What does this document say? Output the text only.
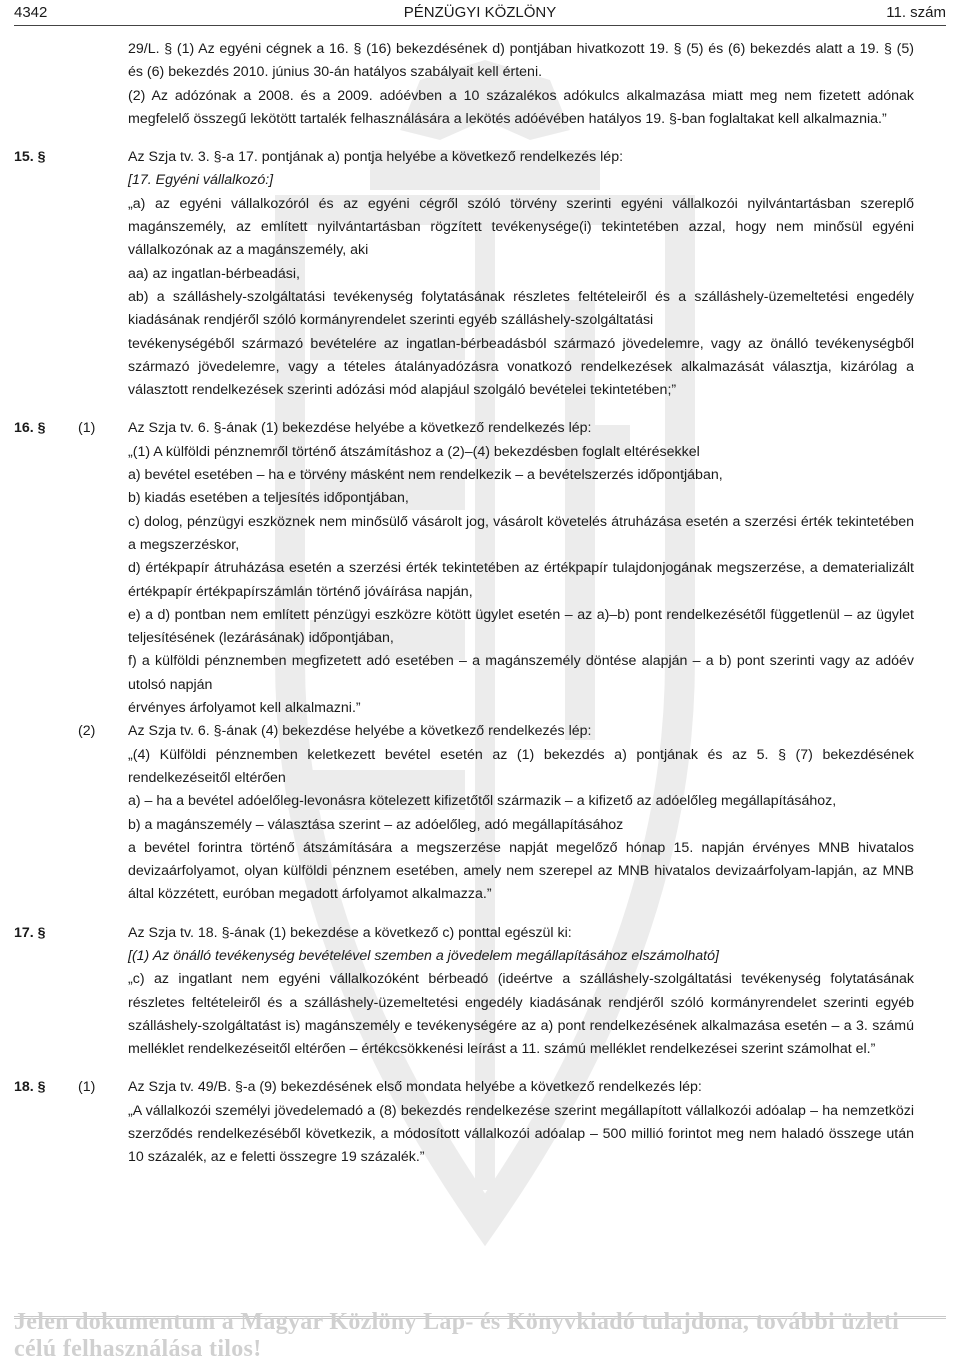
4342	PÉNZÜGYI KÖZLÖNY	11. szám
29/L. § (1) Az egyéni cégnek a 16. § (16) bekezdésének d) pontjában hivatkozott 19. § (5) és (6) bekezdés alatt a 19. § (5) és (6) bekezdés 2010. június 30-án hatályos szabályait kell érteni.
(2) Az adózónak a 2008. és a 2009. adóévben a 10 százalékos adókulcs alkalmazása miatt meg nem fizetett adónak megfelelő összegű lekötött tartalék felhasználására a lekötés adóévében hatályos 19. §-ban foglaltakat kell alkalmaznia.”
15. §	Az Szja tv. 3. §-a 17. pontjának a) pontja helyébe a következő rendelkezés lép:
[17. Egyéni vállalkozó:]
„a) az egyéni vállalkozóról és az egyéni cégről szóló törvény szerinti egyéni vállalkozói nyilvántartásban szereplő magánszemély, az említett nyilvántartásban rögzített tevékenysége(i) tekintetében azzal, hogy nem minősül egyéni vállalkozónak az a magánszemély, aki
aa) az ingatlan-bérbeadási,
ab) a szálláshely-szolgáltatási tevékenység folytatásának részletes feltételeiről és a szálláshely-üzemeltetési engedély kiadásának rendjéről szóló kormányrendelet szerinti egyéb szálláshely-szolgáltatási
tevékenységéből származó bevételére az ingatlan-bérbeadásból származó jövedelemre, vagy az önálló tevékenységből származó jövedelemre, vagy a tételes átalányadózásra vonatkozó rendelkezések alkalmazását választja, kizárólag a választott rendelkezések szerinti adózási mód alapjául szolgáló bevételei tekintetében;”
16. §	(1)	Az Szja tv. 6. §-ának (1) bekezdése helyébe a következő rendelkezés lép:
„(1) A külföldi pénznemről történő átszámításhoz a (2)–(4) bekezdésben foglalt eltérésekkel
a) bevétel esetében – ha e törvény másként nem rendelkezik – a bevételszerzés időpontjában,
b) kiadás esetében a teljesítés időpontjában,
c) dolog, pénzügyi eszköznek nem minősülő vásárolt jog, vásárolt követelés átruházása esetén a szerzési érték tekintetében a megszerzéskor,
d) értékpapír átruházása esetén a szerzési érték tekintetében az értékpapír tulajdonjogának megszerzése, a dematerializált értékpapír értékpapírszámlán történő jóváírása napján,
e) a d) pontban nem említett pénzügyi eszközre kötött ügylet esetén – az a)–b) pont rendelkezésétől függetlenül – az ügylet teljesítésének (lezárásának) időpontjában,
f) a külföldi pénznemben megfizetett adó esetében – a magánszemély döntése alapján – a b) pont szerinti vagy az adóév utolsó napján
érvényes árfolyamot kell alkalmazni.”
(2)	Az Szja tv. 6. §-ának (4) bekezdése helyébe a következő rendelkezés lép:
„(4) Külföldi pénznemben keletkezett bevétel esetén az (1) bekezdés a) pontjának és az 5. § (7) bekezdésének rendelkezéseitől eltérően
a) – ha a bevétel adóelőleg-levonásra kötelezett kifizetőtől származik – a kifizető az adóelőleg megállapításához,
b) a magánszemély – választása szerint – az adóelőleg, adó megállapításához
a bevétel forintra történő átszámítására a megszerzése napját megelőző hónap 15. napján érvényes MNB hivatalos devizaárfolyamot, olyan külföldi pénznem esetében, amely nem szerepel az MNB hivatalos devizaárfolyam-lapján, az MNB által közzétett, euróban megadott árfolyamot alkalmazza.”
17. §	Az Szja tv. 18. §-ának (1) bekezdése a következő c) ponttal egészül ki:
[(1) Az önálló tevékenység bevételével szemben a jövedelem megállapításához elszámolható]
„c) az ingatlant nem egyéni vállalkozóként bérbeadó (ideértve a szálláshely-szolgáltatási tevékenység folytatásának részletes feltételeiről és a szálláshely-üzemeltetési engedély kiadásának rendjéről szóló kormányrendelet szerinti egyéb szálláshely-szolgáltatást is) magánszemély e tevékenységére az a) pont rendelkezésének alkalmazása esetén – a 3. számú melléklet rendelkezéseitől eltérően – értékcsökkenési leírást a 11. számú melléklet rendelkezései szerint számolhat el.”
18. §	(1)	Az Szja tv. 49/B. §-a (9) bekezdésének első mondata helyébe a következő rendelkezés lép:
„A vállalkozói személyi jövedelemadó a (8) bekezdés rendelkezése szerint megállapított vállalkozói adóalap – ha nemzetközi szerződés rendelkezéséből következik, a módosított vállalkozói adóalap – 500 millió forintot meg nem haladó összege után 10 százalék, az e feletti összegre 19 százalék.”
Jelen dokumentum a Magyar Közlöny Lap- és Könyvkiadó tulajdona, további üzleti célú felhasználása tilos!
